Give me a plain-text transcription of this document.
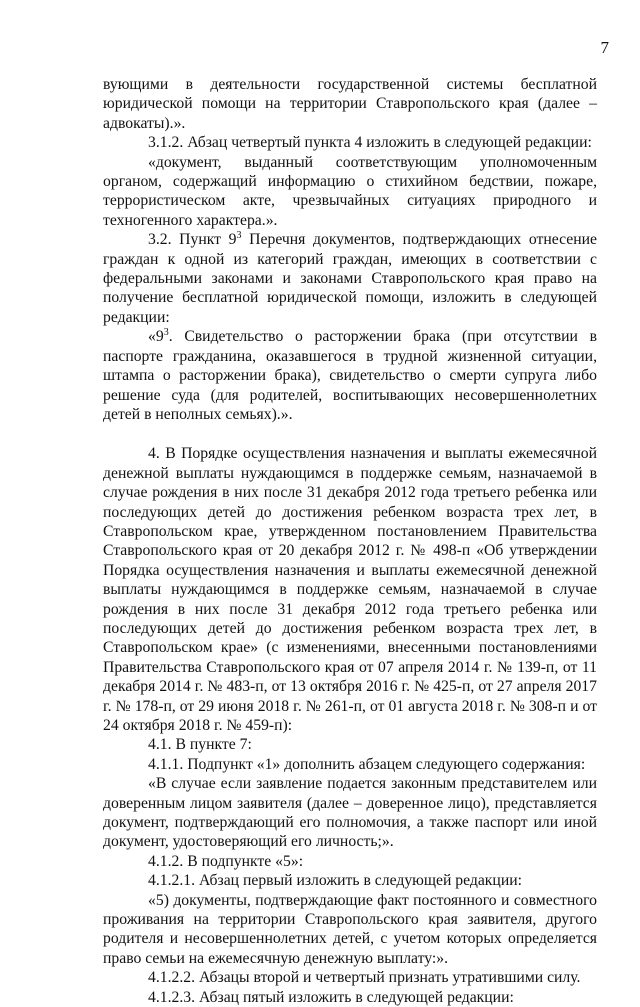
7

вующими в деятельности государственной системы бесплатной юридической помощи на территории Ставропольского края (далее – адвокаты).».

3.1.2. Абзац четвертый пункта 4 изложить в следующей редакции:

«документ, выданный соответствующим уполномоченным органом, содержащий информацию о стихийном бедствии, пожаре, террористическом акте, чрезвычайных ситуациях природного и техногенного характера.».

3.2. Пункт $9^3$ Перечня документов, подтверждающих отнесение граждан к одной из категорий граждан, имеющих в соответствии с федеральными законами и законами Ставропольского края право на получение бесплатной юридической помощи, изложить в следующей редакции:

«$9^3$. Свидетельство о расторжении брака (при отсутствии в паспорте гражданина, оказавшегося в трудной жизненной ситуации, штампа о расторжении брака), свидетельство о смерти супруга либо решение суда (для родителей, воспитывающих несовершеннолетних детей в неполных семьях).».

4. В Порядке осуществления назначения и выплаты ежемесячной денежной выплаты нуждающимся в поддержке семьям, назначаемой в случае рождения в них после 31 декабря 2012 года третьего ребенка или последующих детей до достижения ребенком возраста трех лет, в Ставропольском крае, утвержденном постановлением Правительства Ставропольского края от 20 декабря 2012 г. № 498-п «Об утверждении Порядка осуществления назначения и выплаты ежемесячной денежной выплаты нуждающимся в поддержке семьям, назначаемой в случае рождения в них после 31 декабря 2012 года третьего ребенка или последующих детей до достижения ребенком возраста трех лет, в Ставропольском крае» (с изменениями, внесенными постановлениями Правительства Ставропольского края от 07 апреля 2014 г. № 139-п, от 11 декабря 2014 г. № 483-п, от 13 октября 2016 г. № 425-п, от 27 апреля 2017 г. № 178-п, от 29 июня 2018 г. № 261-п, от 01 августа 2018 г. № 308-п и от 24 октября 2018 г. № 459-п):

4.1. В пункте 7:

4.1.1. Подпункт «1» дополнить абзацем следующего содержания:

«В случае если заявление подается законным представителем или доверенным лицом заявителя (далее – доверенное лицо), представляется документ, подтверждающий его полномочия, а также паспорт или иной документ, удостоверяющий его личность;».

4.1.2. В подпункте «5»:

4.1.2.1. Абзац первый изложить в следующей редакции:

«5) документы, подтверждающие факт постоянного и совместного проживания на территории Ставропольского края заявителя, другого родителя и несовершеннолетних детей, с учетом которых определяется право семьи на ежемесячную денежную выплату:».

4.1.2.2. Абзацы второй и четвертый признать утратившими силу.

4.1.2.3. Абзац пятый изложить в следующей редакции:
